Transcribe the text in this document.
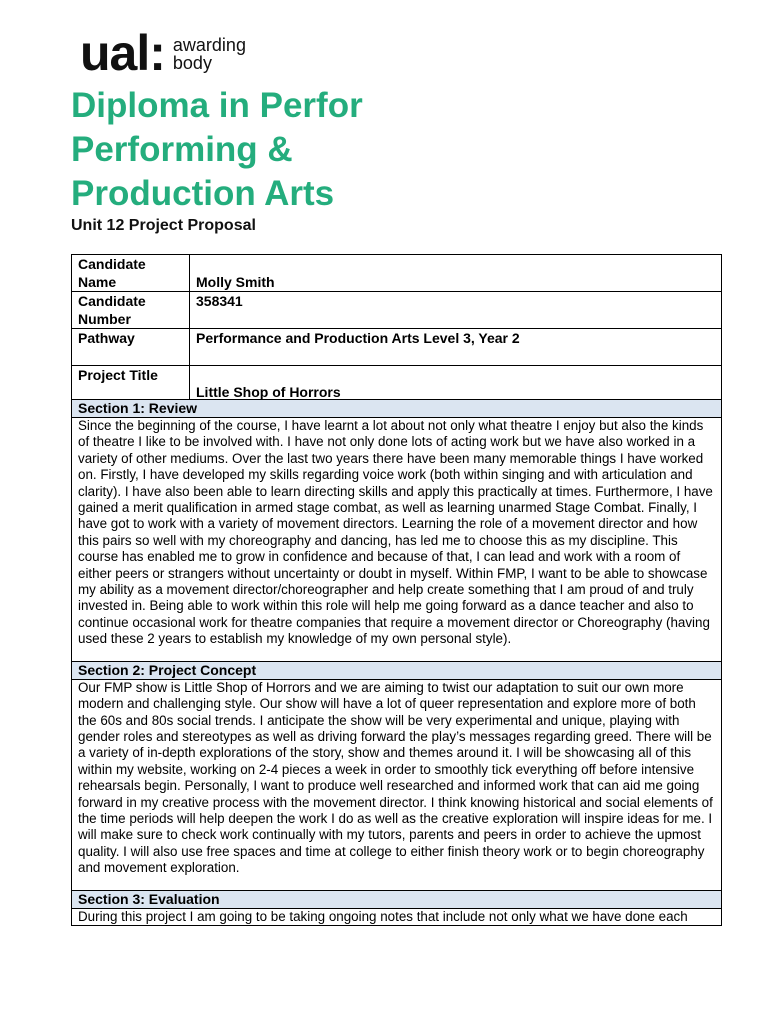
ual: awarding
body
Diploma in Perfor
Performing &
Production Arts
Unit 12 Project Proposal
Candidate Name	Molly Smith
Candidate Number	358341
Pathway	Performance and Production Arts Level 3, Year 2
Project Title	Little Shop of Horrors
Section 1: Review
Since the beginning of the course, I have learnt a lot about not only what theatre I enjoy but also the kinds of theatre I like to be involved with. I have not only done lots of acting work but we have also worked in a variety of other mediums. Over the last two years there have been many memorable things I have worked on. Firstly, I have developed my skills regarding voice work (both within singing and with articulation and clarity). I have also been able to learn directing skills and apply this practically at times. Furthermore, I have gained a merit qualification in armed stage combat, as well as learning unarmed Stage Combat. Finally, I have got to work with a variety of movement directors. Learning the role of a movement director and how this pairs so well with my choreography and dancing, has led me to choose this as my discipline. This course has enabled me to grow in confidence and because of that, I can lead and work with a room of either peers or strangers without uncertainty or doubt in myself. Within FMP, I want to be able to showcase my ability as a movement director/choreographer and help create something that I am proud of and truly invested in. Being able to work within this role will help me going forward as a dance teacher and also to continue occasional work for theatre companies that require a movement director or Choreography (having used these 2 years to establish my knowledge of my own personal style).
Section 2: Project Concept
Our FMP show is Little Shop of Horrors and we are aiming to twist our adaptation to suit our own more modern and challenging style. Our show will have a lot of queer representation and explore more of both the 60s and 80s social trends. I anticipate the show will be very experimental and unique, playing with gender roles and stereotypes as well as driving forward the play’s messages regarding greed. There will be a variety of in-depth explorations of the story, show and themes around it. I will be showcasing all of this within my website, working on 2-4 pieces a week in order to smoothly tick everything off before intensive rehearsals begin. Personally, I want to produce well researched and informed work that can aid me going forward in my creative process with the movement director. I think knowing historical and social elements of the time periods will help deepen the work I do as well as the creative exploration will inspire ideas for me. I will make sure to check work continually with my tutors, parents and peers in order to achieve the upmost quality. I will also use free spaces and time at college to either finish theory work or to begin choreography and movement exploration.
Section 3: Evaluation
During this project I am going to be taking ongoing notes that include not only what we have done each
